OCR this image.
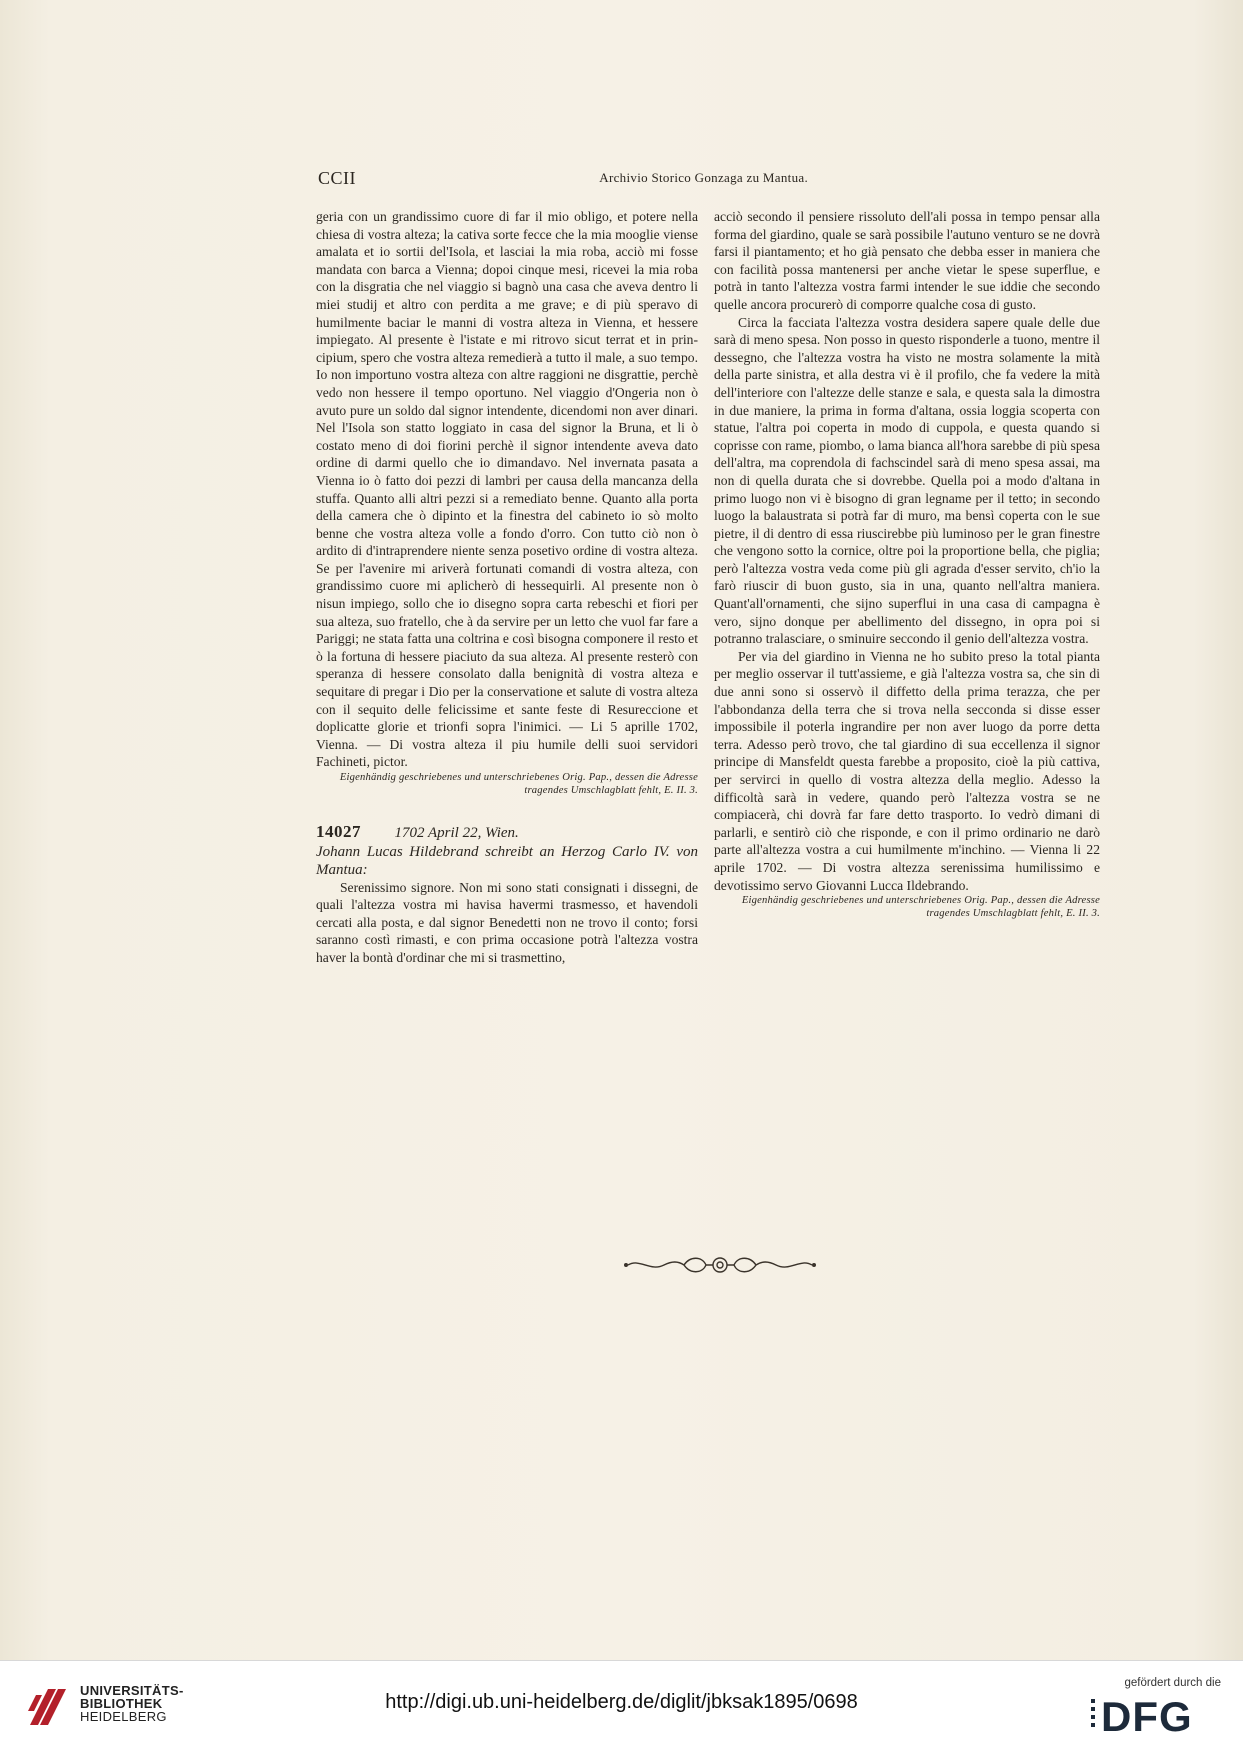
CCII	Archivio Storico Gonzaga zu Mantua.

geria con un grandissimo cuore di far il mio obligo, et potere nella chiesa di vostra alteza; la cativa sorte fecce che la mia mooglie viense amalata et io sortii del'Isola, et lasciai la mia roba, acciò mi fosse mandata con barca a Vienna; dopoi cinque mesi, ricevei la mia roba con la disgratia che nel viaggio si bagnò una casa che aveva dentro li miei studij et altro con perdita a me grave; e di più speravo di humilmente baciar le manni di vostra alteza in Vienna, et hessere impiegato. Al presente è l'istate e mi ritrovo sicut terrat et in principium, spero che vostra alteza remedierà a tutto il male, a suo tempo. Io non importuno vostra alteza con altre raggioni ne disgrattie, perchè vedo non hessere il tempo oportuno. Nel viaggio d'Ongeria non ò avuto pure un soldo dal signor intendente, dicendomi non aver dinari. Nel l'Isola son statto loggiato in casa del signor la Bruna, et li ò costato meno di doi fiorini perchè il signor intendente aveva dato ordine di darmi quello che io dimandavo. Nel invernata pasata a Vienna io ò fatto doi pezzi di lambri per causa della mancanza della stuffa. Quanto alli altri pezzi si a remediato benne. Quanto alla porta della camera che ò dipinto et la finestra del cabineto io sò molto benne che vostra alteza volle a fondo d'orro. Con tutto ciò non ò ardito di d'intraprendere niente senza posetivo ordine di vostra alteza. Se per l'avenire mi ariverà fortunati comandi di vostra alteza, con grandissimo cuore mi aplicherò di hessequirli. Al presente non ò nisun impiego, sollo che io disegno sopra carta rebeschi et fiori per sua alteza, suo fratello, che à da servire per un letto che vuol far fare a Pariggi; ne stata fatta una coltrina e così bisogna componere il resto et ò la fortuna di hessere piaciuto da sua alteza. Al presente resterò con speranza di hessere consolato dalla benignità di vostra alteza e sequitare di pregar i Dio per la conservatione et salute di vostra alteza con il sequito delle felicissime et sante feste di Resureccione et doplicatte glorie et trionfi sopra l'inimici. — Li 5 aprille 1702, Vienna. — Di vostra alteza il piu humile delli suoi servidori Fachineti, pictor.

Eigenhändig geschriebenes und unterschriebenes Orig. Pap., dessen die Adresse tragendes Umschlagblatt fehlt, E. II. 3.

14027 1702 April 22, Wien.

Johann Lucas Hildebrand schreibt an Herzog Carlo IV. von Mantua:

Serenissimo signore. Non mi sono stati consignati i dissegni, de quali l'altezza vostra mi havisa havermi trasmesso, et havendoli cercati alla posta, e dal signor Benedetti non ne trovo il conto; forsi saranno costì rimasti, e con prima occasione potrà l'altezza vostra haver la bontà d'ordinar che mi si trasmettino,

acciò secondo il pensiere rissoluto dell'ali possa in tempo pensar alla forma del giardino, quale se sarà possibile l'autuno venturo se ne dovrà farsi il piantamento; et ho già pensato che debba esser in maniera che con facilità possa mantenersi per anche vietar le spese superflue, e potrà in tanto l'altezza vostra farmi intender le sue iddie che secondo quelle ancora procurerò di comporre qualche cosa di gusto.

Circa la facciata l'altezza vostra desidera sapere quale delle due sarà di meno spesa. Non posso in questo risponderle a tuono, mentre il dessegno, che l'altezza vostra ha visto ne mostra solamente la mità della parte sinistra, et alla destra vi è il profilo, che fa vedere la mità dell'interiore con l'altezze delle stanze e sala, e questa sala la dimostra in due maniere, la prima in forma d'altana, ossia loggia scoperta con statue, l'altra poi coperta in modo di cuppola, e questa quando si coprisse con rame, piombo, o lama bianca all'hora sarebbe di più spesa dell'altra, ma coprendola di fachscindel sarà di meno spesa assai, ma non di quella durata che si dovrebbe. Quella poi a modo d'altana in primo luogo non vi è bisogno di gran legname per il tetto; in secondo luogo la balaustrata si potrà far di muro, ma bensì coperta con le sue pietre, il di dentro di essa riuscirebbe più luminoso per le gran finestre che vengono sotto la cornice, oltre poi la proportione bella, che piglia; però l'altezza vostra veda come più gli agrada d'esser servito, ch'io la farò riuscir di buon gusto, sia in una, quanto nell'altra maniera. Quant'all'ornamenti, che sijno superflui in una casa di campagna è vero, sijno donque per abellimento del dissegno, in opra poi si potranno tralasciare, o sminuire seccondo il genio dell'altezza vostra.

Per via del giardino in Vienna ne ho subito preso la total pianta per meglio osservar il tutt'assieme, e già l'altezza vostra sa, che sin di due anni sono si osservò il diffetto della prima terazza, che per l'abbondanza della terra che si trova nella secconda si disse esser impossibile il poterla ingrandire per non aver luogo da porre detta terra. Adesso però trovo, che tal giardino di sua eccellenza il signor principe di Mansfeldt questa farebbe a proposito, cioè la più cattiva, per servirci in quello di vostra altezza della meglio. Adesso la difficoltà sarà in vedere, quando però l'altezza vostra se ne compiacerà, chi dovrà far fare detto trasporto. Io vedrò dimani di parlarli, e sentirò ciò che risponde, e con il primo ordinario ne darò parte all'altezza vostra a cui humilmente m'inchino. — Vienna li 22 aprile 1702. — Di vostra altezza serenissima humilissimo e devotissimo servo Giovanni Lucca Ildebrando.

Eigenhändig geschriebenes und unterschriebenes Orig. Pap., dessen die Adresse tragendes Umschlagblatt fehlt, E. II. 3.

UNIVERSITÄTS-
BIBLIOTHEK
HEIDELBERG
http://digi.ub.uni-heidelberg.de/diglit/jbksak1895/0698
gefördert durch die
DFG
